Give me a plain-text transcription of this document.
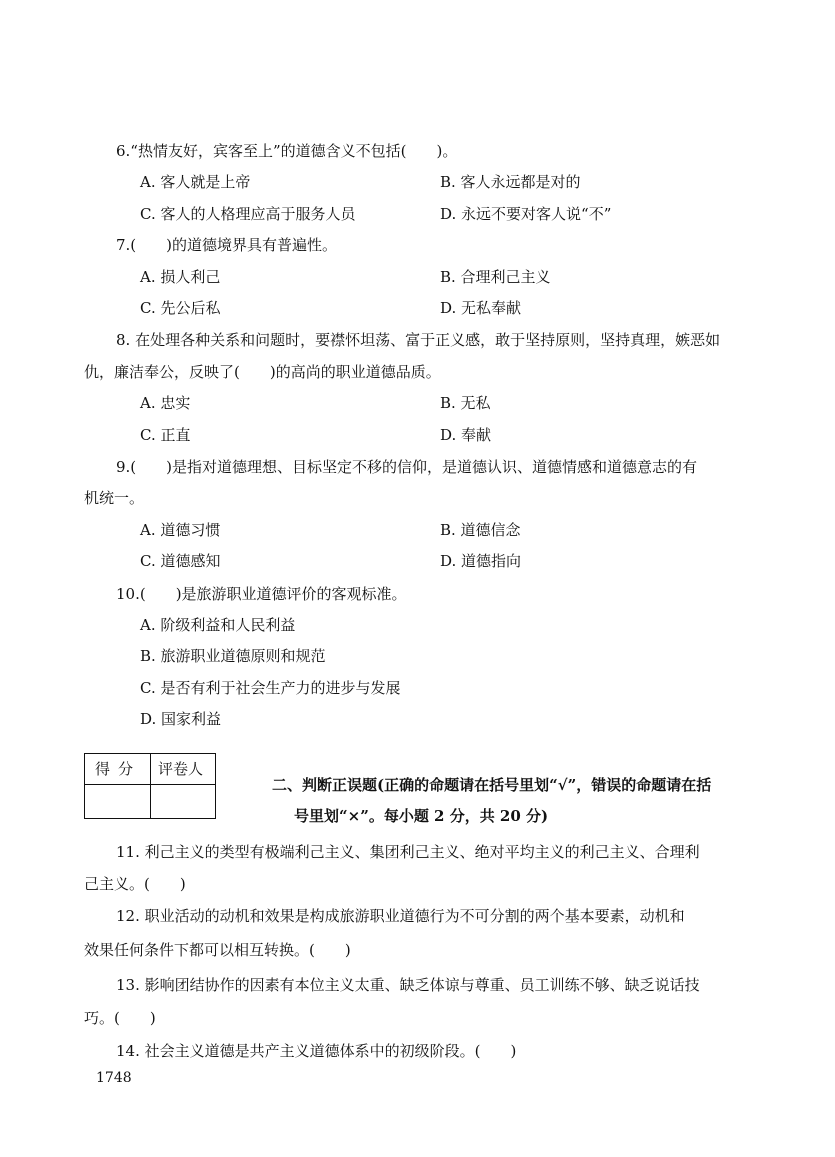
6.“热情友好，宾客至上”的道德含义不包括(　　)。
A. 客人就是上帝	B. 客人永远都是对的
C. 客人的人格理应高于服务人员	D. 永远不要对客人说“不”
7.(　　)的道德境界具有普遍性。
A. 损人利己	B. 合理利己主义
C. 先公后私	D. 无私奉献
8. 在处理各种关系和问题时，要襟怀坦荡、富于正义感，敢于坚持原则，坚持真理，嫉恶如
仇，廉洁奉公，反映了(　　)的高尚的职业道德品质。
A. 忠实	B. 无私
C. 正直	D. 奉献
9.(　　)是指对道德理想、目标坚定不移的信仰，是道德认识、道德情感和道德意志的有
机统一。
A. 道德习惯	B. 道德信念
C. 道德感知	D. 道德指向
10.(　　)是旅游职业道德评价的客观标准。
A. 阶级利益和人民利益
B. 旅游职业道德原则和规范
C. 是否有利于社会生产力的进步与发展
D. 国家利益
得分 评卷人
二、判断正误题(正确的命题请在括号里划“√”，错误的命题请在括
号里划“×”。每小题 2 分，共 20 分)
11. 利己主义的类型有极端利己主义、集团利己主义、绝对平均主义的利己主义、合理利
己主义。(　　)
12. 职业活动的动机和效果是构成旅游职业道德行为不可分割的两个基本要素，动机和
效果任何条件下都可以相互转换。(　　)
13. 影响团结协作的因素有本位主义太重、缺乏体谅与尊重、员工训练不够、缺乏说话技
巧。(　　)
14. 社会主义道德是共产主义道德体系中的初级阶段。(　　)
1748
